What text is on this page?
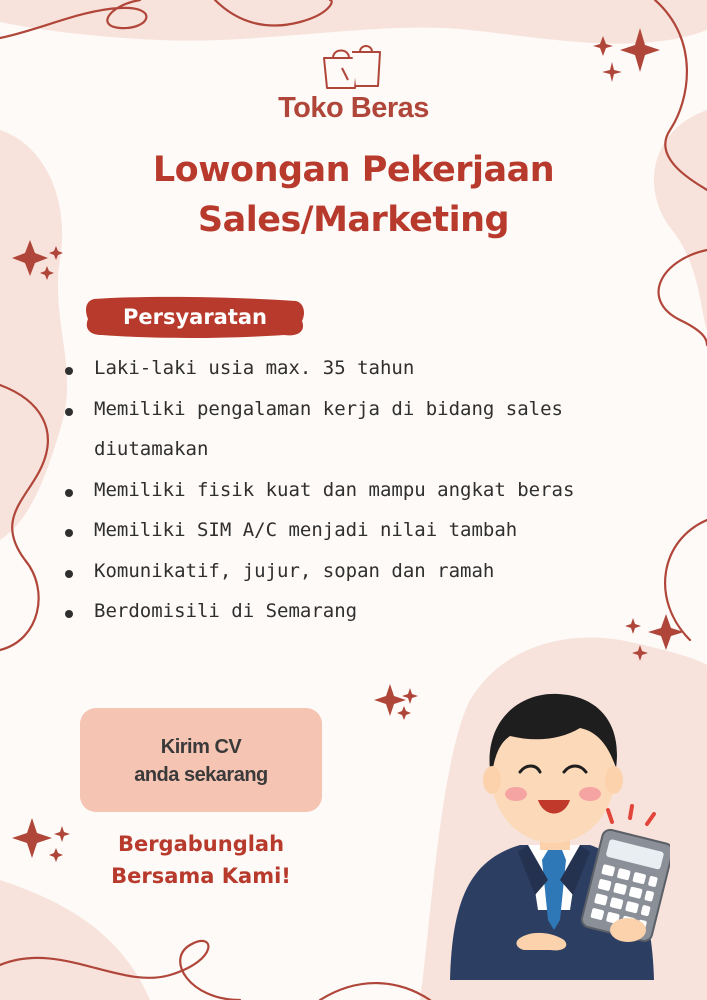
Toko Beras
Lowongan Pekerjaan
Sales/Marketing
Persyaratan
Laki-laki usia max. 35 tahun
Memiliki pengalaman kerja di bidang sales
diutamakan
Memiliki fisik kuat dan mampu angkat beras
Memiliki SIM A/C menjadi nilai tambah
Komunikatif, jujur, sopan dan ramah
Berdomisili di Semarang
Kirim CV
anda sekarang
Bergabunglah
Bersama Kami!
